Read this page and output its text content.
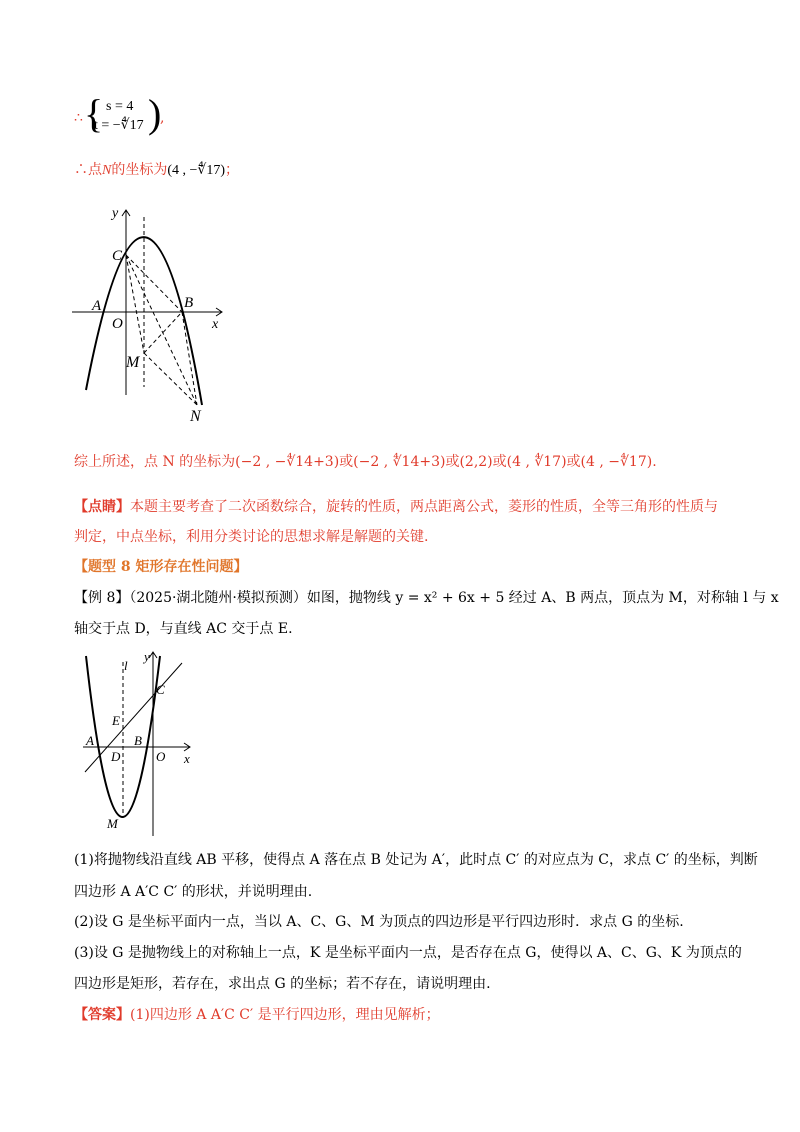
∴ { s = 4
t = −∜17 )
,
∴点N的坐标为(4 , −∜17)；
y
x
C
A
O
B
M
N
综上所述，点 N 的坐标为(−2 , −∜14+3)或(−2 , ∜14+3)或(2,2)或(4 , ∜17)或(4 , −∜17).
【点睛】本题主要考查了二次函数综合，旋转的性质，两点距离公式，菱形的性质，全等三角形的性质与
判定，中点坐标，利用分类讨论的思想求解是解题的关键.
【题型 8 矩形存在性问题】
【例 8】（2025·湖北随州·模拟预测）如图，抛物线 y = x² + 6x + 5 经过 A、B 两点，顶点为 M，对称轴 l 与 x
轴交于点 D，与直线 AC 交于点 E.
l
y
C
E
A
D
B
O x
M
(1)将抛物线沿直线 AB 平移，使得点 A 落在点 B 处记为 A′，此时点 C′ 的对应点为 C，求点 C′ 的坐标，判断
四边形 A A′C C′ 的形状，并说明理由.
(2)设 G 是坐标平面内一点，当以 A、C、G、M 为顶点的四边形是平行四边形时．求点 G 的坐标.
(3)设 G 是抛物线上的对称轴上一点，K 是坐标平面内一点，是否存在点 G，使得以 A、C、G、K 为顶点的
四边形是矩形，若存在，求出点 G 的坐标；若不存在，请说明理由.
【答案】(1)四边形 A A′C C′ 是平行四边形，理由见解析；
